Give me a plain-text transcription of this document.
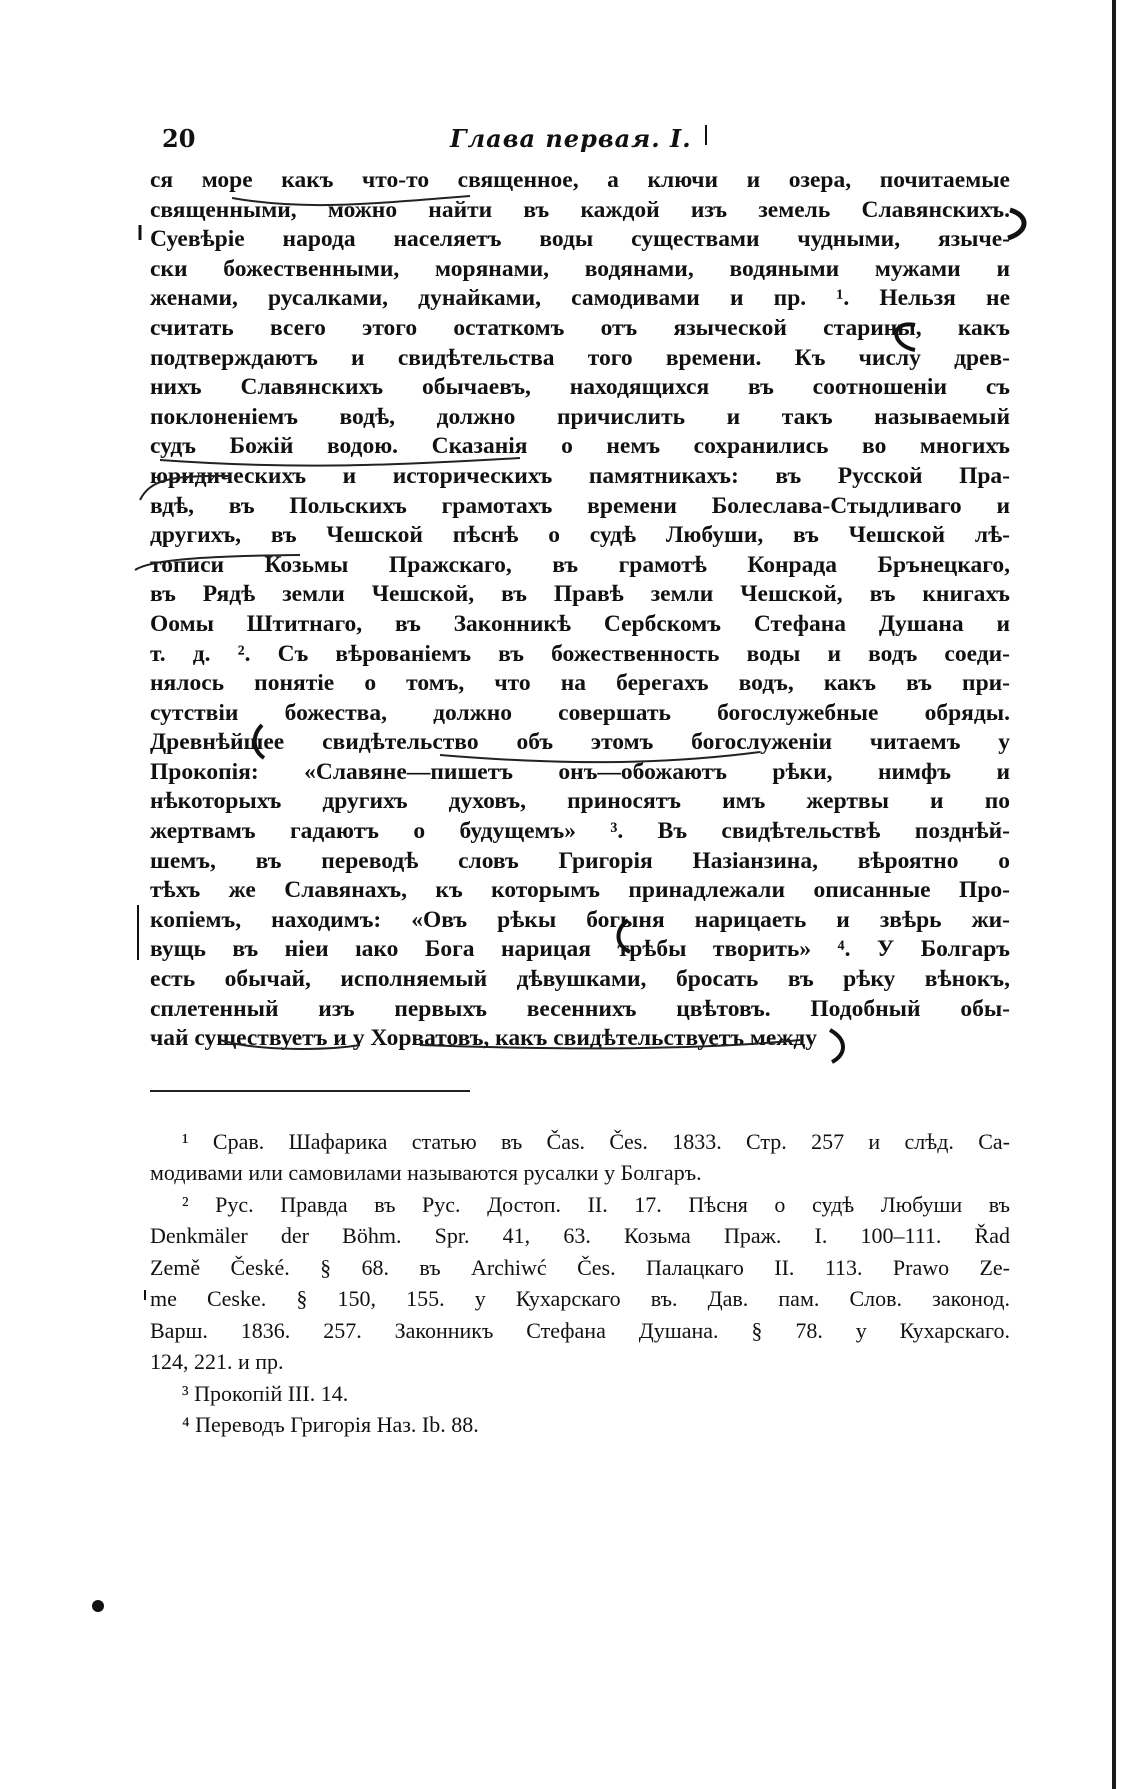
20	Глава первая. I.
ся море какъ что-то священное, а ключи и озера, почитаемые
священными, можно найти въ каждой изъ земель Славянскихъ.
Суевѣріе народа населяетъ воды существами чудными, языче-
ски божественными, морянами, водянами, водяными мужами и
женами, русалками, дунайками, самодивами и пр. ¹. Нельзя не
считать всего этого остаткомъ отъ языческой старины, какъ
подтверждаютъ и свидѣтельства того времени. Къ числу древ-
нихъ Славянскихъ обычаевъ, находящихся въ соотношеніи съ
поклоненіемъ водѣ, должно причислить и такъ называемый
судъ Божій водою. Сказанія о немъ сохранились во многихъ
юридическихъ и историческихъ памятникахъ: въ Русской Пра-
вдѣ, въ Польскихъ грамотахъ времени Болеслава-Стыдливаго и
другихъ, въ Чешской пѣснѣ о судѣ Любуши, въ Чешской лѣ-
тописи Козьмы Пражскаго, въ грамотѣ Конрада Брънецкаго,
въ Рядѣ земли Чешской, въ Правѣ земли Чешской, въ книгахъ
Оомы Штитнаго, въ Законникѣ Сербскомъ Стефана Душана и
т. д. ². Съ вѣрованіемъ въ божественность воды и водъ соеди-
нялось понятіе о томъ, что на берегахъ водъ, какъ въ при-
сутствіи божества, должно совершать богослужебные обряды.
Древнѣйшее свидѣтельство объ этомъ богослуженіи читаемъ у
Прокопія: «Славяне—пишетъ онъ—обожаютъ рѣки, нимфъ и
нѣкоторыхъ другихъ духовъ, приносятъ имъ жертвы и по
жертвамъ гадаютъ о будущемъ» ³. Въ свидѣтельствѣ позднѣй-
шемъ, въ переводѣ словъ Григорія Назіанзина, вѣроятно о
тѣхъ же Славянахъ, къ которымъ принадлежали описанные Про-
копіемъ, находимъ: «Овъ рѣкы богыня нарицаеть и звѣрь жи-
вущь въ нiеи ıако Бога нарицая трѣбы творить» ⁴. У Болгаръ
есть обычай, исполняемый дѣвушками, бросать въ рѣку вѣнокъ,
сплетенный изъ первыхъ весеннихъ цвѣтовъ. Подобный обы-
чай существуетъ и у Хорватовъ, какъ свидѣтельствуетъ между
¹ Срав. Шафарика статью въ Čas. Čes. 1833. Стр. 257 и слѣд. Са-
модивами или самовилами называются русалки у Болгаръ.
² Рус. Правда въ Рус. Достоп. II. 17. Пѣсня о судѣ Любуши въ
Denkmäler der Böhm. Spr. 41, 63. Козьма Праж. I. 100–111. Řad
Země České. § 68. въ Archiwć Čes. Палацкаго II. 113. Prawo Ze-
me Ceske. § 150, 155. у Кухарскаго въ. Дав. пам. Слов. законод.
Варш. 1836. 257. Законникъ Стефана Душана. § 78. у Кухарскаго.
124, 221. и пр.
³ Прокопій III. 14.
⁴ Переводъ Григорія Наз. Ib. 88.
